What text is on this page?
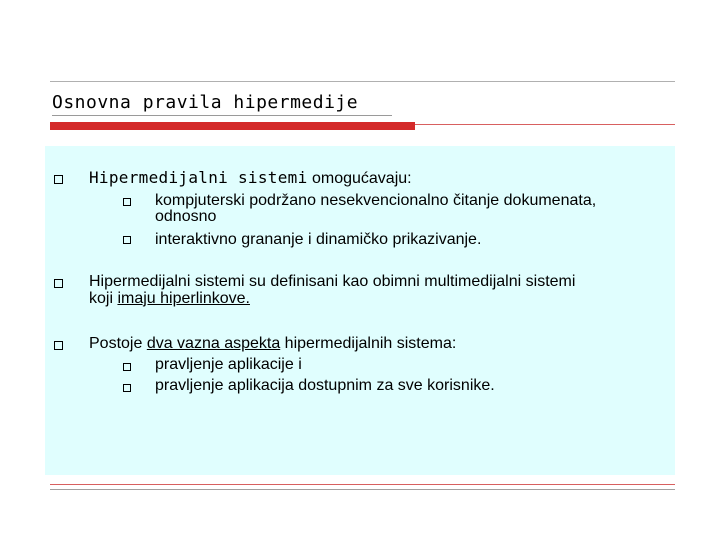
Osnovna pravila hipermedije
Hipermedijalni sistemi omogućavaju:
kompjuterski podržano nesekvencionalno čitanje dokumenata,
odnosno
interaktivno grananje i dinamičko prikazivanje.
Hipermedijalni sistemi su definisani kao obimni multimedijalni sistemi
koji imaju hiperlinkove.
Postoje dva vazna aspekta hipermedijalnih sistema:
pravljenje aplikacije i
pravljenje aplikacija dostupnim za sve korisnike.
